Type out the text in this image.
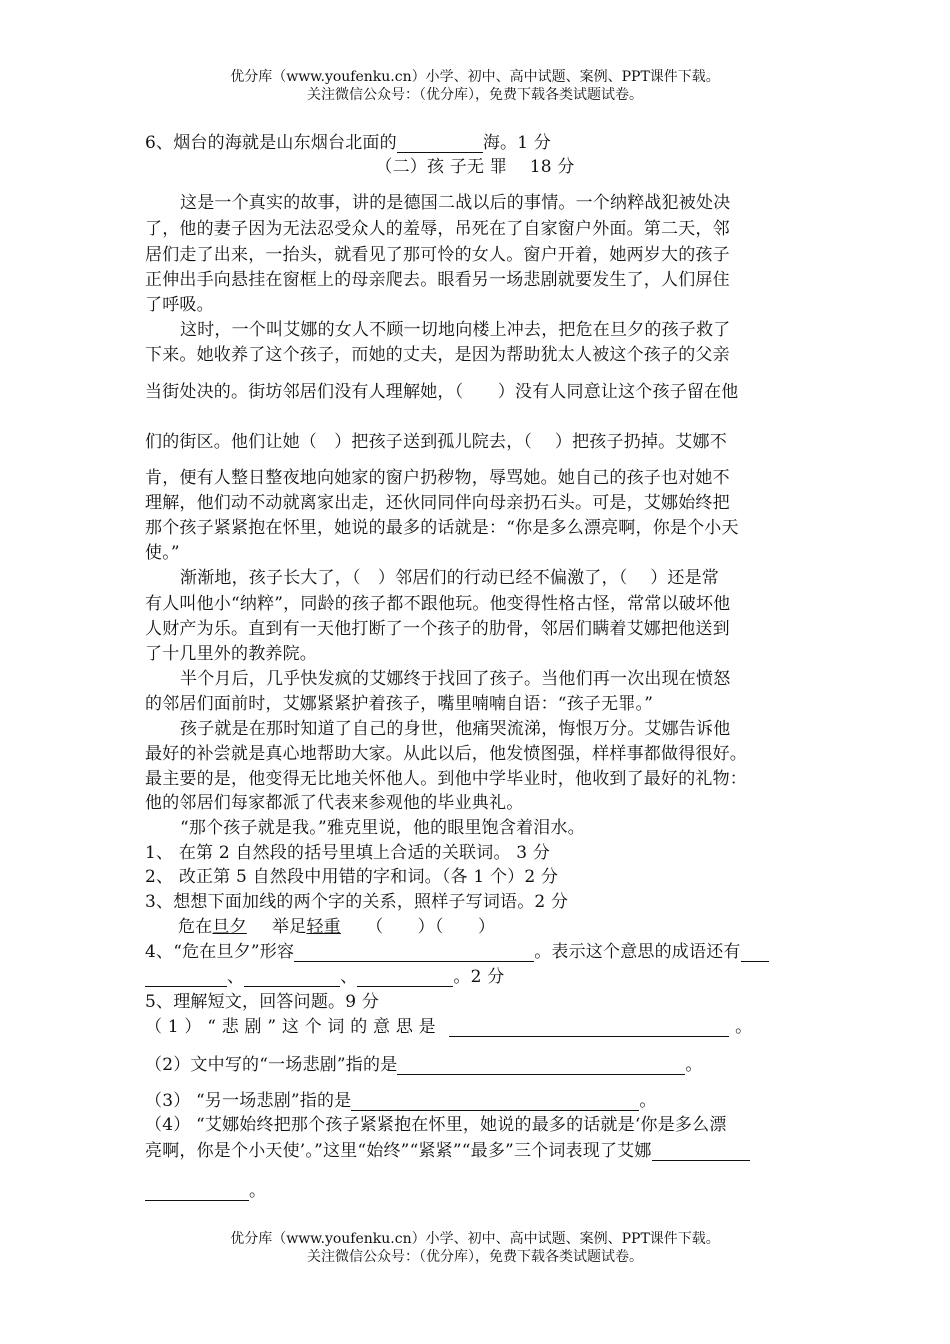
优分库（www.youfenku.cn）小学、初中、高中试题、案例、PPT课件下载。
关注微信公众号：（优分库），免费下载各类试题试卷。
6、烟台的海就是山东烟台北面的	海。1 分
（二）孩 子无 罪　 18 分
这是一个真实的故事，讲的是德国二战以后的事情。一个纳粹战犯被处决
了，他的妻子因为无法忍受众人的羞辱，吊死在了自家窗户外面。第二天，邻
居们走了出来，一抬头，就看见了那可怜的女人。窗户开着，她两岁大的孩子
正伸出手向悬挂在窗框上的母亲爬去。眼看另一场悲剧就要发生了，人们屏住
了呼吸。
这时，一个叫艾娜的女人不顾一切地向楼上冲去，把危在旦夕的孩子救了
下来。她收养了这个孩子，而她的丈夫，是因为帮助犹太人被这个孩子的父亲
当街处决的。街坊邻居们没有人理解她，（　　）没有人同意让这个孩子留在他
们的街区。他们让她（　）把孩子送到孤儿院去，（　 ）把孩子扔掉。艾娜不
肯，便有人整日整夜地向她家的窗户扔秽物，辱骂她。她自己的孩子也对她不
理解，他们动不动就离家出走，还伙同同伴向母亲扔石头。可是，艾娜始终把
那个孩子紧紧抱在怀里，她说的最多的话就是：“你是多么漂亮啊，你是个小天
使。”
渐渐地，孩子长大了，（　）邻居们的行动已经不偏激了，（　 ）还是常
有人叫他小“纳粹”，同龄的孩子都不跟他玩。他变得性格古怪，常常以破坏他
人财产为乐。直到有一天他打断了一个孩子的肋骨，邻居们瞒着艾娜把他送到
了十几里外的教养院。
半个月后，几乎快发疯的艾娜终于找回了孩子。当他们再一次出现在愤怒
的邻居们面前时，艾娜紧紧护着孩子，嘴里喃喃自语：“孩子无罪。”
孩子就是在那时知道了自己的身世，他痛哭流涕，悔恨万分。艾娜告诉他
最好的补尝就是真心地帮助大家。从此以后，他发愤图强，样样事都做得很好。
最主要的是，他变得无比地关怀他人。到他中学毕业时，他收到了最好的礼物：
他的邻居们每家都派了代表来参观他的毕业典礼。
“那个孩子就是我。”雅克里说，他的眼里饱含着泪水。
1、 在第 2 自然段的括号里填上合适的关联词。 3 分
2、 改正第 5 自然段中用错的字和词。（各 1 个）2 分
3、想想下面加线的两个字的关系，照样子写词语。2 分
危在旦夕 举足轻重 （　　）（　　）
4、“危在旦夕”形容	。表示这个意思的成语还有
、	、	。2 分
5、理解短文，回答问题。9 分
（ 1 ） “ 悲 剧 ” 这 个 词 的 意 思 是	。
（2）文中写的“一场悲剧”指的是	。
（3） “另一场悲剧”指的是	。
（4） “艾娜始终把那个孩子紧紧抱在怀里，她说的最多的话就是‘你是多么漂
亮啊，你是个小天使’。”这里“始终”“紧紧”“最多”三个词表现了艾娜
。
优分库（www.youfenku.cn）小学、初中、高中试题、案例、PPT课件下载。
关注微信公众号：（优分库），免费下载各类试题试卷。
